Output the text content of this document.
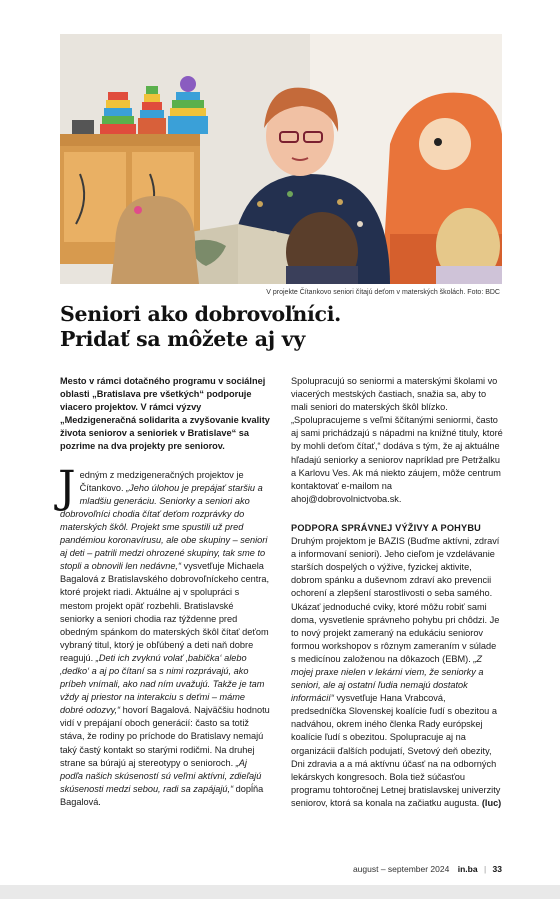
V projekte Čítankovo seniori čítajú deťom v materských školách. Foto: BDC
Seniori ako dobrovoľníci.
Pridať sa môžete aj vy

Mesto v rámci dotačného programu v sociálnej oblasti „Bratislava pre všetkých“ podporuje viacero projektov. V rámci výzvy „Medzigeneračná solidarita a zvyšovanie kvality života seniorov a senioriek v Bratislave“ sa pozrime na dva projekty pre seniorov.

Jedným z medzigeneračných projektov je Čítankovo. „Jeho úlohou je prepájať staršiu a mladšiu generáciu. Seniorky a seniori ako dobrovoľníci chodia čítať deťom rozprávky do materských škôl. Projekt sme spustili už pred pandémiou koronavírusu, ale obe skupiny – seniori aj deti – patrili medzi ohrozené skupiny, tak sme to stopli a obnovili len nedávne,“ vysvetľuje Michaela Bagalová z Bratislavského dobrovoľníckeho centra, ktoré projekt riadi. Aktuálne aj v spolupráci s mestom projekt opäť rozbehli. Bratislavské seniorky a seniori chodia raz týždenne pred obedným spánkom do materských škôl čítať deťom vybraný titul, ktorý je obľúbený a deti naň dobre reagujú. „Deti ich zvyknú volať ‚babička‘ alebo ‚dedko‘ a aj po čítaní sa s nimi rozprávajú, ako príbeh vnímali, ako nad ním uvažujú. Takže je tam vždy aj priestor na interakciu s deťmi – máme dobré odozvy,“ hovorí Bagalová. Najväčšiu hodnotu vidí v prepájaní oboch generácií: často sa totiž stáva, že rodiny po príchode do Bratislavy nemajú taký častý kontakt so starými rodičmi. Na druhej strane sa búrajú aj stereotypy o senioroch. „Aj podľa našich skúseností sú veľmi aktívni, zdieľajú skúsenosti medzi sebou, radi sa zapájajú,“ dopĺňa Bagalová.

Spolupracujú so seniormi a materskými školami vo viacerých mestských častiach, snažia sa, aby to mali seniori do materských škôl blízko. „Spolupracujeme s veľmi ščítanými seniormi, často aj sami prichádzajú s nápadmi na knižné tituly, ktoré by mohli deťom čítať,“ dodáva s tým, že aj aktuálne hľadajú seniorky a seniorov napríklad pre Petržalku a Karlovu Ves. Ak má niekto záujem, môže centrum kontaktovať e-mailom na ahoj@dobrovolnictvoba.sk.

PODPORA SPRÁVNEJ VÝŽIVY A POHYBU

Druhým projektom je BAZIS (Buďme aktívni, zdraví a informovaní seniori). Jeho cieľom je vzdelávanie starších dospelých o výžive, fyzickej aktivite, dobrom spánku a duševnom zdraví ako prevencii ochorení a zlepšení starostlivosti o seba samého. Ukázať jednoduché cviky, ktoré môžu robiť sami doma, vysvetlenie správneho pohybu pri chôdzi. Je to nový projekt zameraný na edukáciu seniorov formou workshopov s rôznym zameraním v súlade s medicínou založenou na dôkazoch (EBM). „Z mojej praxe nielen v lekárni viem, že seniorky a seniori, ale aj ostatní ľudia nemajú dostatok informácií“ vysvetľuje Hana Vrabcová, predsedníčka Slovenskej koalície ľudí s obezitou a nadváhou, okrem iného členka Rady európskej koalície ľudí s obezitou. Spolupracuje aj na organizácii ďalších podujatí, Svetový deň obezity, Dni zdravia a a má aktívnu účasť na na odborných lekárskych kongresoch. Bola tiež súčasťou programu tohtoročnej Letnej bratislavskej univerzity seniorov, ktorá sa konala na začiatku augusta. (luc)

august – september 2024 in.ba | 33
